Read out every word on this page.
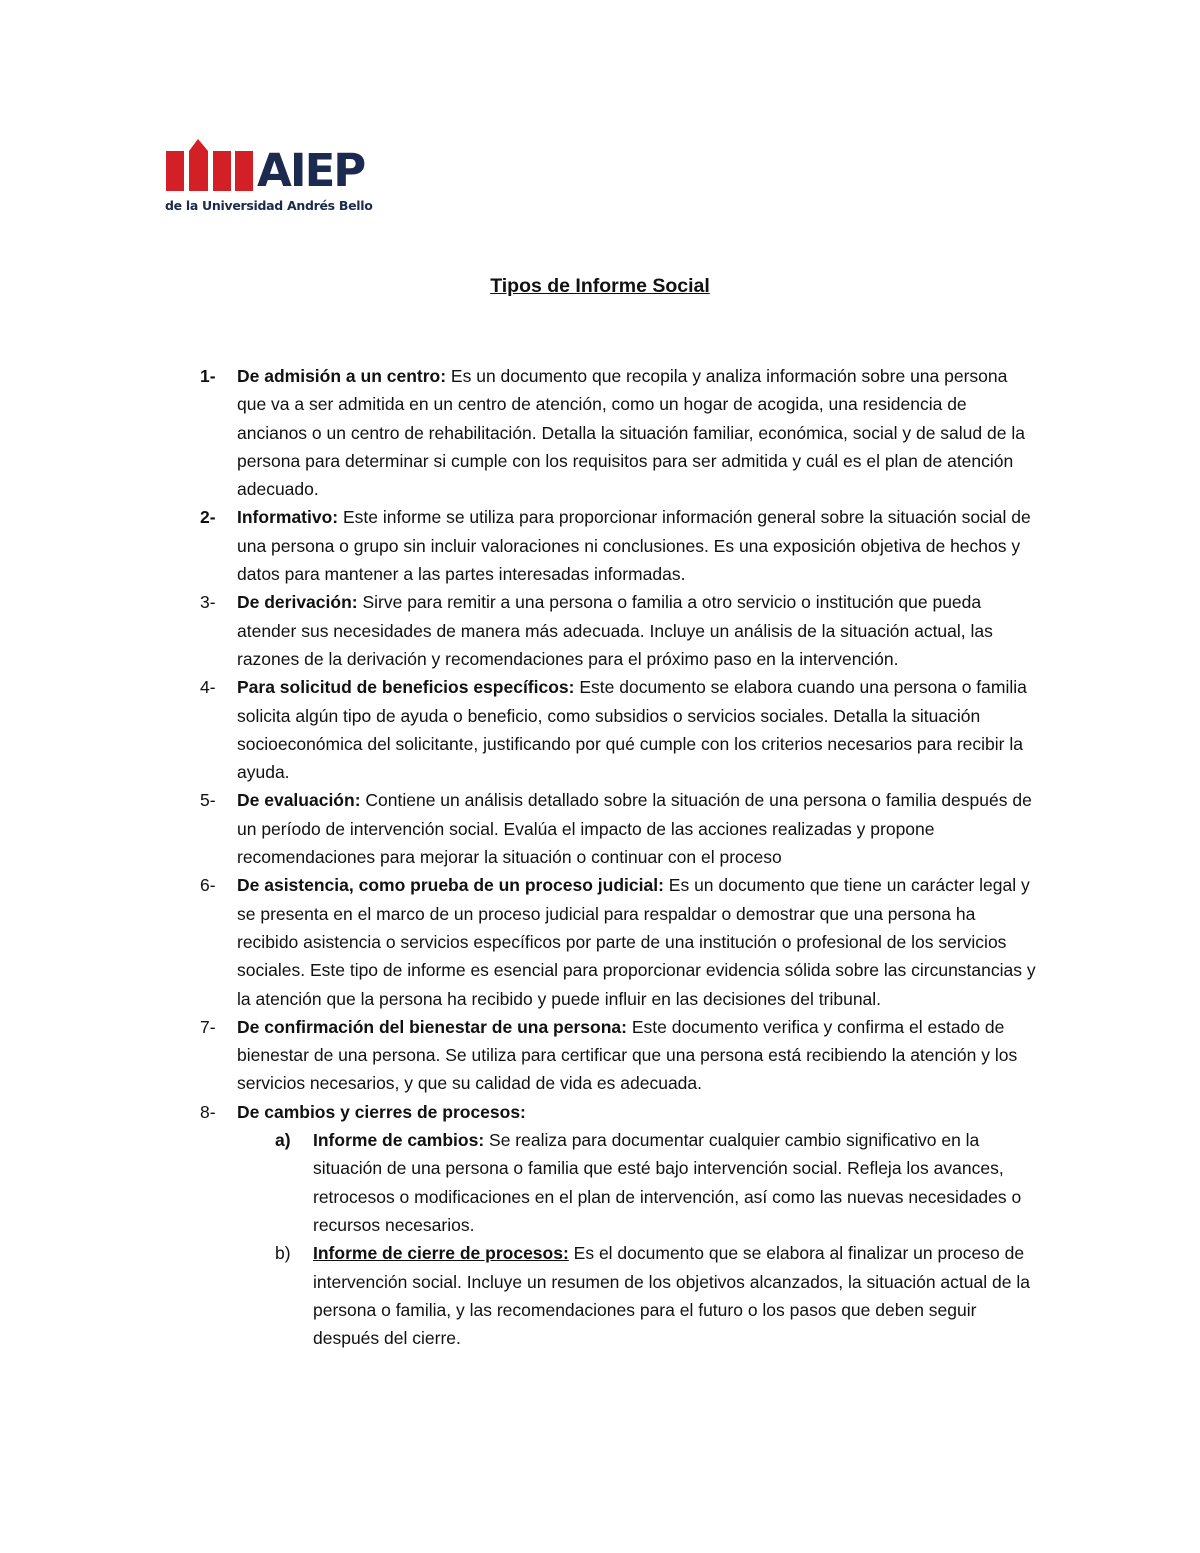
AIEP
de la Universidad Andrés Bello
Tipos de Informe Social
1-	De admisión a un centro: Es un documento que recopila y analiza información sobre una persona que va a ser admitida en un centro de atención, como un hogar de acogida, una residencia de ancianos o un centro de rehabilitación. Detalla la situación familiar, económica, social y de salud de la persona para determinar si cumple con los requisitos para ser admitida y cuál es el plan de atención adecuado.
2-	Informativo: Este informe se utiliza para proporcionar información general sobre la situación social de una persona o grupo sin incluir valoraciones ni conclusiones. Es una exposición objetiva de hechos y datos para mantener a las partes interesadas informadas.
3-	De derivación: Sirve para remitir a una persona o familia a otro servicio o institución que pueda atender sus necesidades de manera más adecuada. Incluye un análisis de la situación actual, las razones de la derivación y recomendaciones para el próximo paso en la intervención.
4-	Para solicitud de beneficios específicos: Este documento se elabora cuando una persona o familia solicita algún tipo de ayuda o beneficio, como subsidios o servicios sociales. Detalla la situación socioeconómica del solicitante, justificando por qué cumple con los criterios necesarios para recibir la ayuda.
5-	De evaluación: Contiene un análisis detallado sobre la situación de una persona o familia después de un período de intervención social. Evalúa el impacto de las acciones realizadas y propone recomendaciones para mejorar la situación o continuar con el proceso
6-	De asistencia, como prueba de un proceso judicial: Es un documento que tiene un carácter legal y se presenta en el marco de un proceso judicial para respaldar o demostrar que una persona ha recibido asistencia o servicios específicos por parte de una institución o profesional de los servicios sociales. Este tipo de informe es esencial para proporcionar evidencia sólida sobre las circunstancias y la atención que la persona ha recibido y puede influir en las decisiones del tribunal.
7-	De confirmación del bienestar de una persona: Este documento verifica y confirma el estado de bienestar de una persona. Se utiliza para certificar que una persona está recibiendo la atención y los servicios necesarios, y que su calidad de vida es adecuada.
8-	De cambios y cierres de procesos:
a)	Informe de cambios: Se realiza para documentar cualquier cambio significativo en la situación de una persona o familia que esté bajo intervención social. Refleja los avances, retrocesos o modificaciones en el plan de intervención, así como las nuevas necesidades o recursos necesarios.
b)	Informe de cierre de procesos: Es el documento que se elabora al finalizar un proceso de intervención social. Incluye un resumen de los objetivos alcanzados, la situación actual de la persona o familia, y las recomendaciones para el futuro o los pasos que deben seguir después del cierre.
